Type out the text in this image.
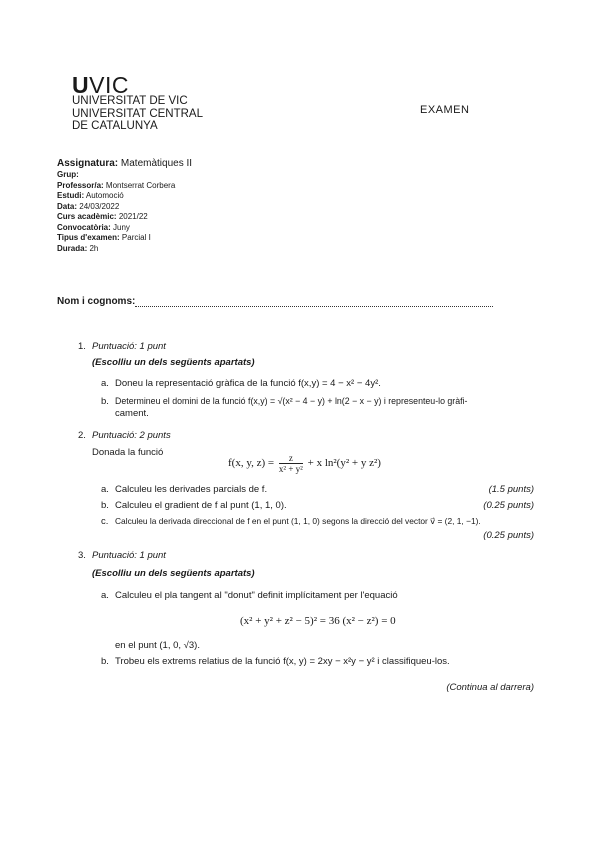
UVIC
UNIVERSITAT DE VIC
UNIVERSITAT CENTRAL
DE CATALUNYA
EXAMEN
Assignatura: Matemàtiques II
Grup:
Professor/a: Montserrat Corbera
Estudi: Automoció
Data: 24/03/2022
Curs acadèmic: 2021/22
Convocatòria: Juny
Tipus d'examen: Parcial I
Durada: 2h
Nom i cognoms:
1. Puntuació: 1 punt
(Escolliu un dels següents apartats)
a. Doneu la representació gràfica de la funció f(x,y) = 4 − x² − 4y².
b. Determineu el domini de la funció f(x,y) = √(x² − 4 − y) + ln(2 − x − y) i representeu-lo gràfi-
cament.
2. Puntuació: 2 punts
Donada la funció
f(x, y, $z) = \frac{z}{\text{x² + y²}} + x$ ln²(y² + y z²)
a. Calculeu les derivades parcials de f.	(1.5 punts)
b. Calculeu el gradient de f al punt (1, 1, 0).	(0.25 punts)
c. Calculeu la derivada direccional de f en el punt (1, 1, 0) segons la direcció del vector v⃗ = (2, 1, −1).
(0.25 punts)
3. Puntuació: 1 punt
(Escolliu un dels següents apartats)
a. Calculeu el pla tangent al "donut" definit implícitament per l'equació
(x² + y² + z² − 5)² = 36 (x² − z²) = 0
en el punt (1, 0, √3).
b. Trobeu els extrems relatius de la funció f(x, y) = 2xy − x²y − y² i classifiqueu-los.
(Continua al darrera)
